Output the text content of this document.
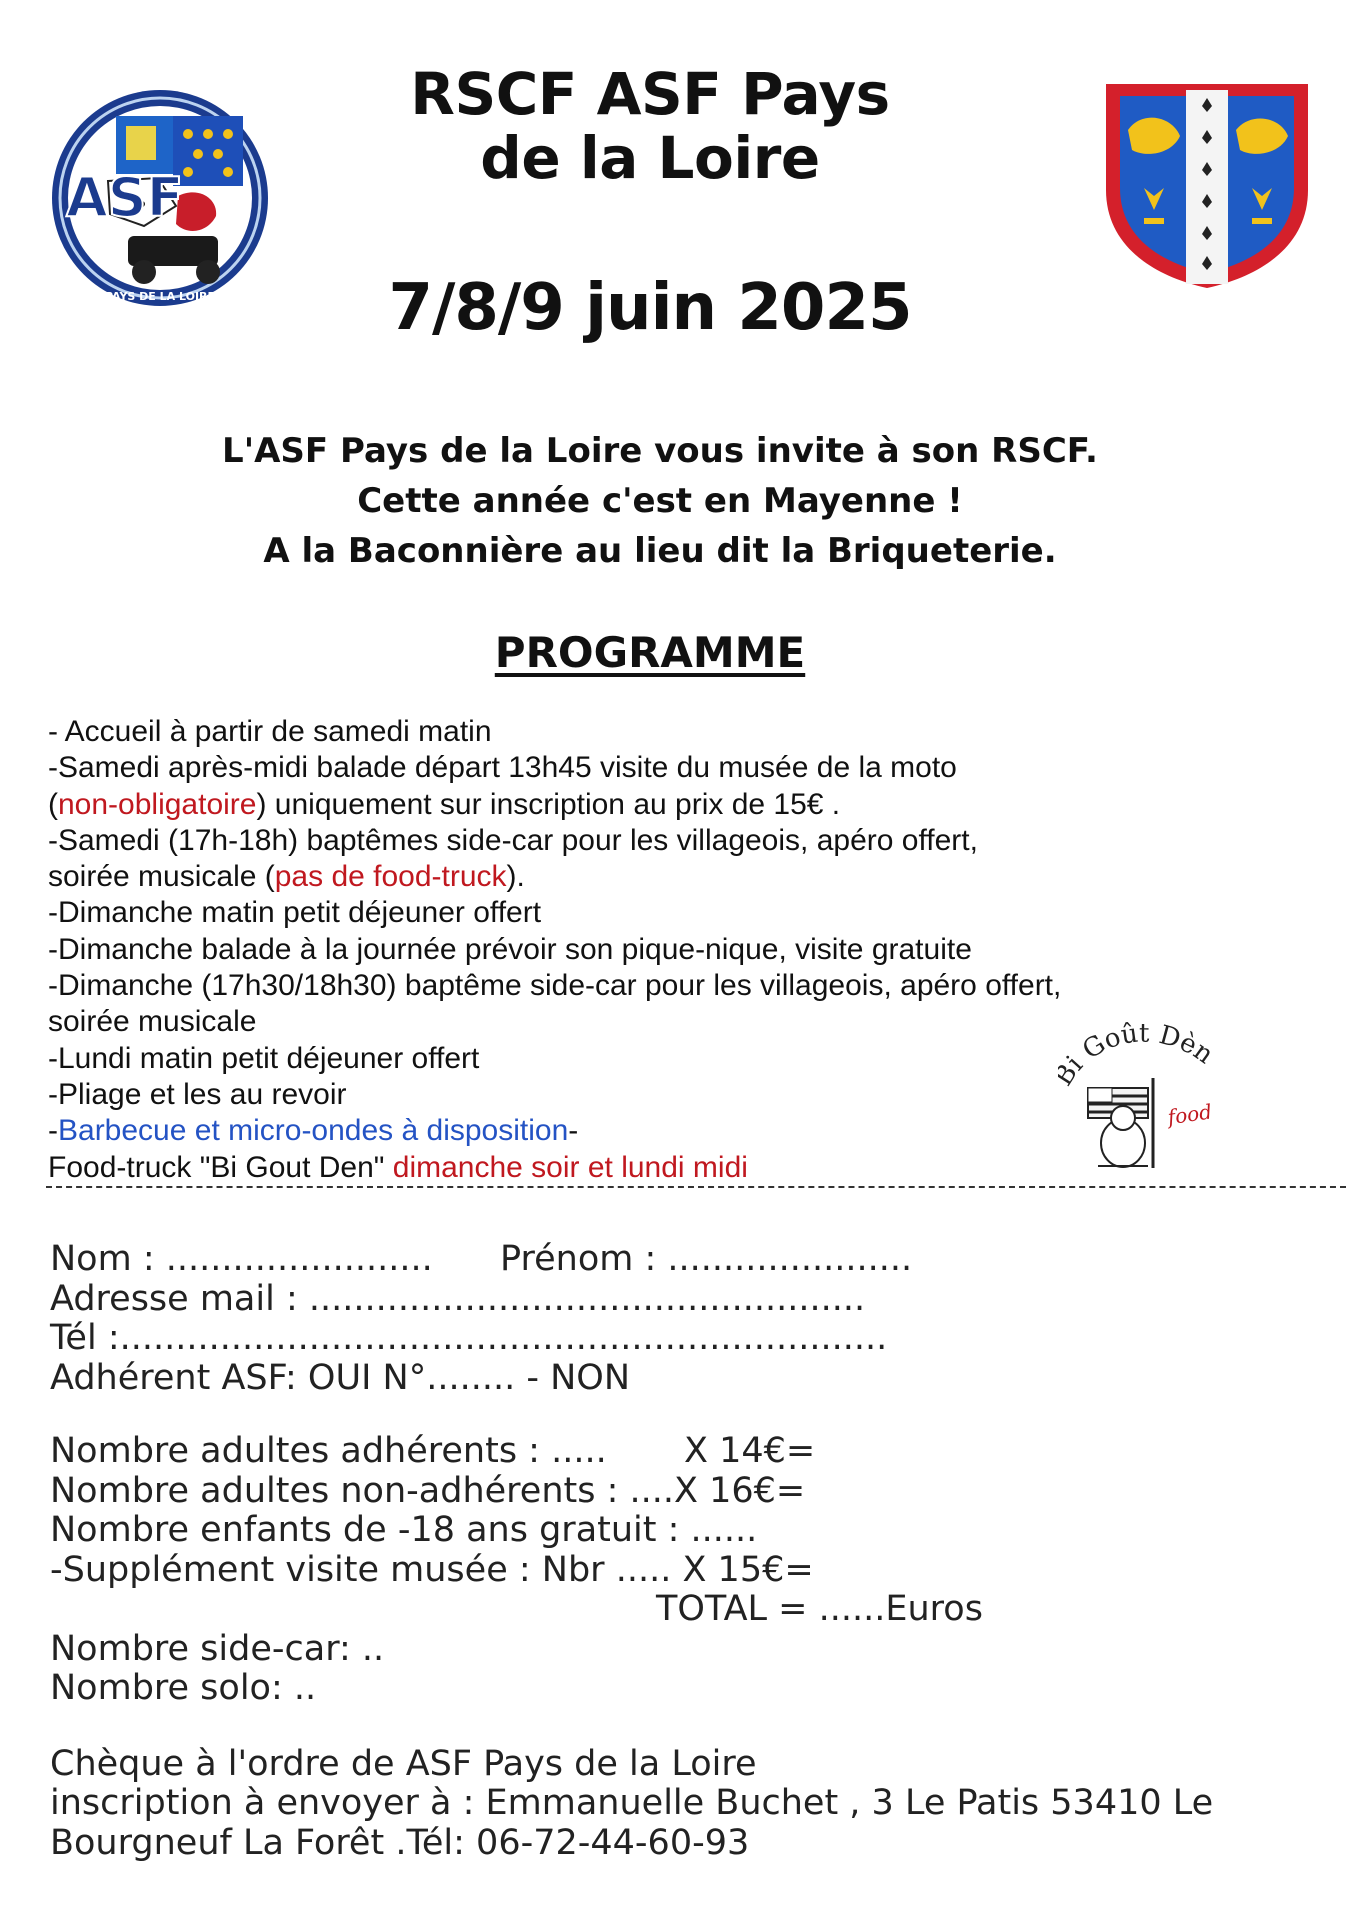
RSCF ASF Pays
de la Loire
ASF
PAYS DE LA LOIRE	7/8/9 juin 2025
L'ASF Pays de la Loire vous invite à son RSCF.
Cette année c'est en Mayenne !
A la Baconnière au lieu dit la Briqueterie.
PROGRAMME
- Accueil à partir de samedi matin
-Samedi après-midi balade départ 13h45 visite du musée de la moto
(non-obligatoire) uniquement sur inscription au prix de 15€ .
-Samedi (17h-18h) baptêmes side-car pour les villageois, apéro offert,
soirée musicale (pas de food-truck).
-Dimanche matin petit déjeuner offert
-Dimanche balade à la journée prévoir son pique-nique, visite gratuite
-Dimanche (17h30/18h30) baptême side-car pour les villageois, apéro offert,
soirée musicale
-Lundi matin petit déjeuner offert
-Pliage et les au revoir
-Barbecue et micro-ondes à disposition-
Food-truck "Bi Gout Den" dimanche soir et lundi midi
i Goût Dèn
food
Nom : ........................ Prénom : ......................
Adresse mail : ..................................................
Tél :.....................................................................
Adhérent ASF: OUI N°........ - NON
Nombre adultes adhérents : ..... X 14€=
Nombre adultes non-adhérents : ....X 16€=
Nombre enfants de -18 ans gratuit : ......
-Supplément visite musée : Nbr ..... X 15€=
TOTAL = ......Euros
Nombre side-car: ..
Nombre solo: ..
Chèque à l'ordre de ASF Pays de la Loire
inscription à envoyer à : Emmanuelle Buchet , 3 Le Patis 53410 Le
Bourgneuf La Forêt .Tél: 06-72-44-60-93
